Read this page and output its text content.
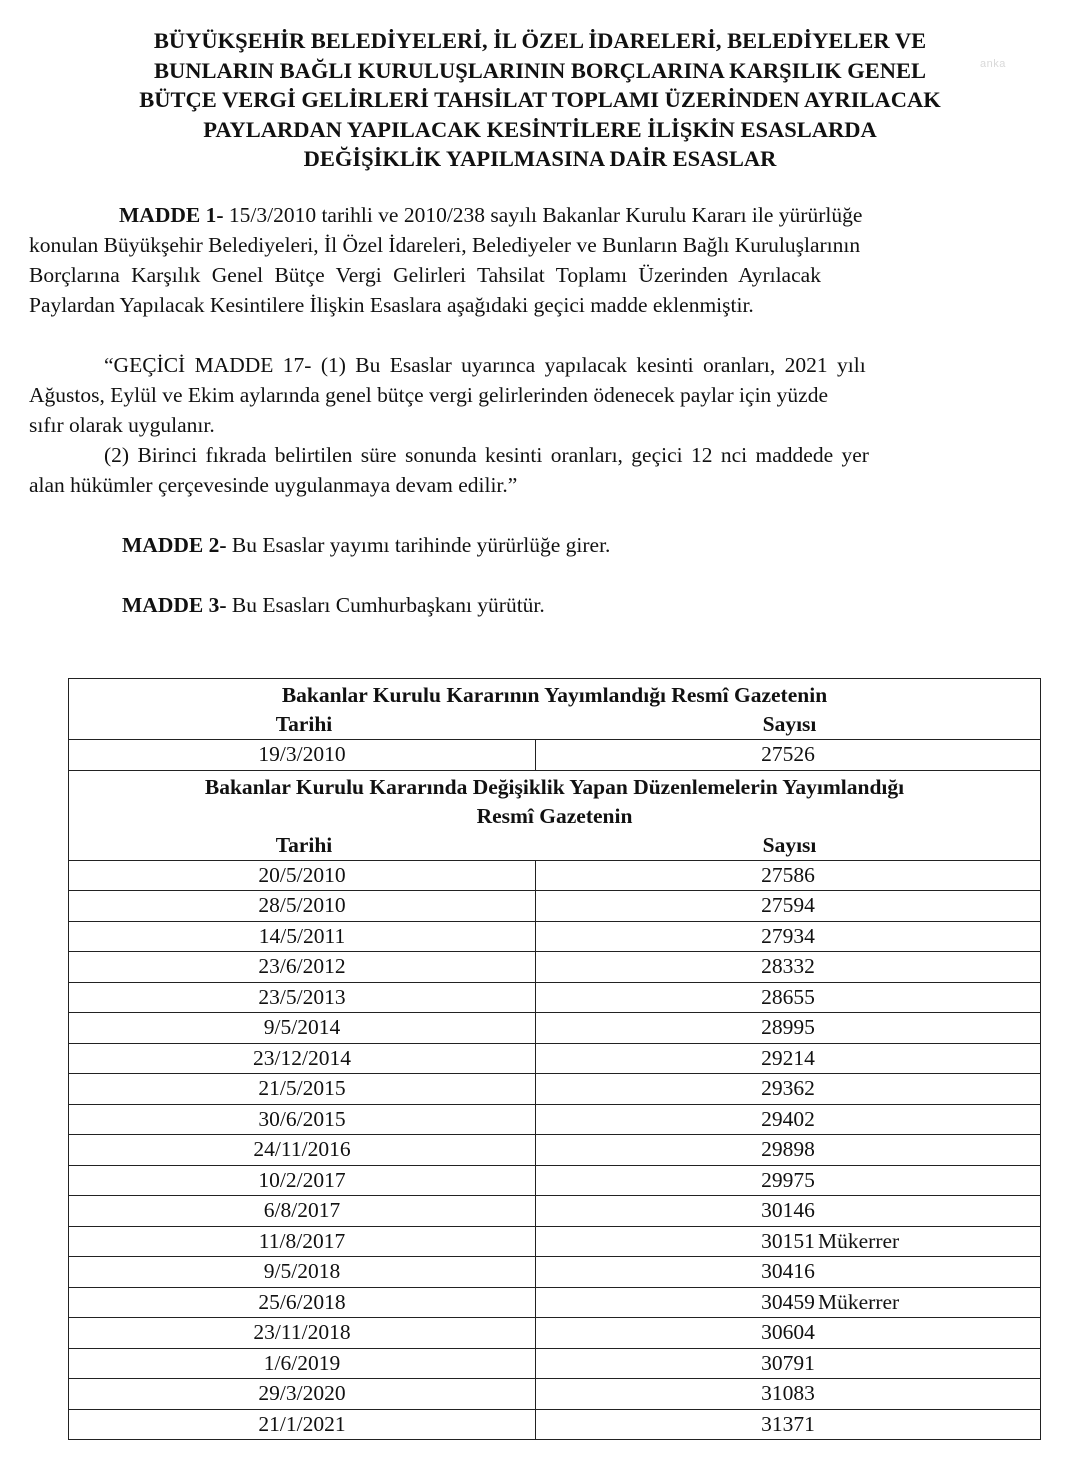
BÜYÜKŞEHİR BELEDİYELERİ, İL ÖZEL İDARELERİ, BELEDİYELER VE
BUNLARIN BAĞLI KURULUŞLARININ BORÇLARINA KARŞILIK GENEL
BÜTÇE VERGİ GELİRLERİ TAHSİLAT TOPLAMI ÜZERİNDEN AYRILACAK
PAYLARDAN YAPILACAK KESİNTİLERE İLİŞKİN ESASLARDA
DEĞİŞİKLİK YAPILMASINA DAİR ESASLAR
anka
MADDE 1- 15/3/2010 tarihli ve 2010/238 sayılı Bakanlar Kurulu Kararı ile yürürlüğe
konulan Büyükşehir Belediyeleri, İl Özel İdareleri, Belediyeler ve Bunların Bağlı Kuruluşlarının
Borçlarına Karşılık Genel Bütçe Vergi Gelirleri Tahsilat Toplamı Üzerinden Ayrılacak
Paylardan Yapılacak Kesintilere İlişkin Esaslara aşağıdaki geçici madde eklenmiştir.
“GEÇİCİ MADDE 17- (1) Bu Esaslar uyarınca yapılacak kesinti oranları, 2021 yılı
Ağustos, Eylül ve Ekim aylarında genel bütçe vergi gelirlerinden ödenecek paylar için yüzde
sıfır olarak uygulanır.
(2) Birinci fıkrada belirtilen süre sonunda kesinti oranları, geçici 12 nci maddede yer
alan hükümler çerçevesinde uygulanmaya devam edilir.”
MADDE 2- Bu Esaslar yayımı tarihinde yürürlüğe girer.
MADDE 3- Bu Esasları Cumhurbaşkanı yürütür.
Bakanlar Kurulu Kararının Yayımlandığı Resmî Gazetenin
Tarihi Sayısı	

19/3/2010	27526

Bakanlar Kurulu Kararında Değişiklik Yapan Düzenlemelerin Yayımlandığı
Resmî Gazetenin
Tarihi Sayısı	

20/5/2010	27586
28/5/2010	27594
14/5/2011	27934
23/6/2012	28332
23/5/2013	28655
9/5/2014	28995
23/12/2014	29214
21/5/2015	29362
30/6/2015	29402
24/11/2016	29898
10/2/2017	29975
6/8/2017	30146
11/8/2017	30151 Mükerrer

9/5/2018	30416
25/6/2018	30459 Mükerrer

23/11/2018	30604
1/6/2019	30791
29/3/2020	31083
21/1/2021	31371
